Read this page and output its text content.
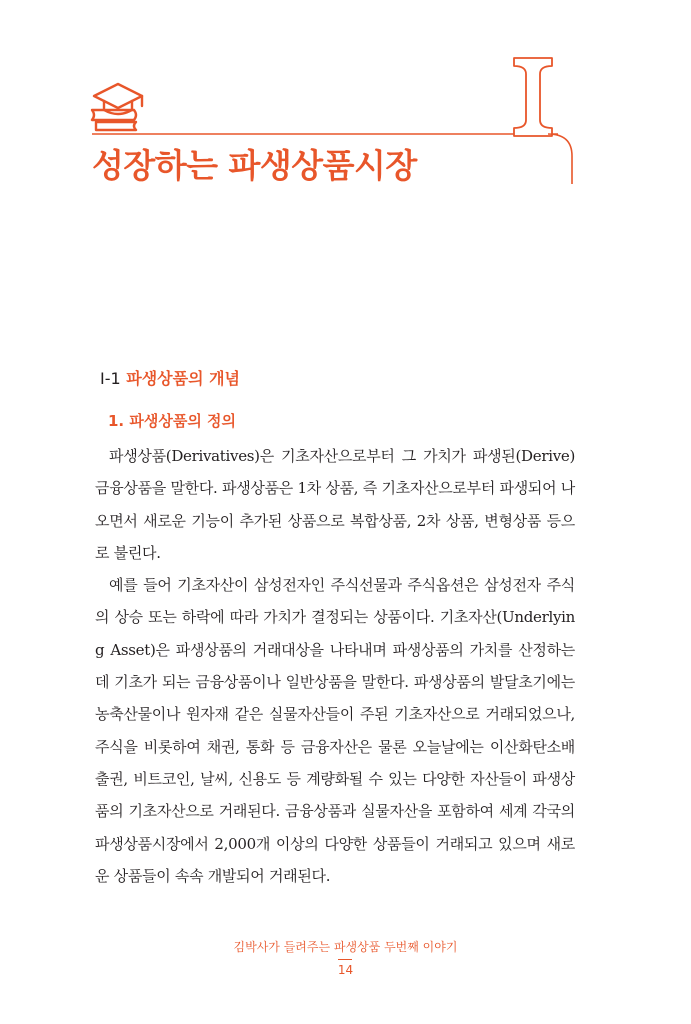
성장하는 파생상품시장
Ⅰ-1 파생상품의 개념
1. 파생상품의 정의

파생상품(Derivatives)은 기초자산으로부터 그 가치가 파생된(Derive) 금융상품을 말한다. 파생상품은 1차 상품, 즉 기초자산으로부터 파생되어 나오면서 새로운 기능이 추가된 상품으로 복합상품, 2차 상품, 변형상품 등으로 불린다.

예를 들어 기초자산이 삼성전자인 주식선물과 주식옵션은 삼성전자 주식의 상승 또는 하락에 따라 가치가 결정되는 상품이다. 기초자산(Underlying Asset)은 파생상품의 거래대상을 나타내며 파생상품의 가치를 산정하는 데 기초가 되는 금융상품이나 일반상품을 말한다. 파생상품의 발달초기에는 농축산물이나 원자재 같은 실물자산들이 주된 기초자산으로 거래되었으나, 주식을 비롯하여 채권, 통화 등 금융자산은 물론 오늘날에는 이산화탄소배출권, 비트코인, 날씨, 신용도 등 계량화될 수 있는 다양한 자산들이 파생상품의 기초자산으로 거래된다. 금융상품과 실물자산을 포함하여 세계 각국의 파생상품시장에서 2,000개 이상의 다양한 상품들이 거래되고 있으며 새로운 상품들이 속속 개발되어 거래된다.

김박사가 들려주는 파생상품 두번째 이야기
14
